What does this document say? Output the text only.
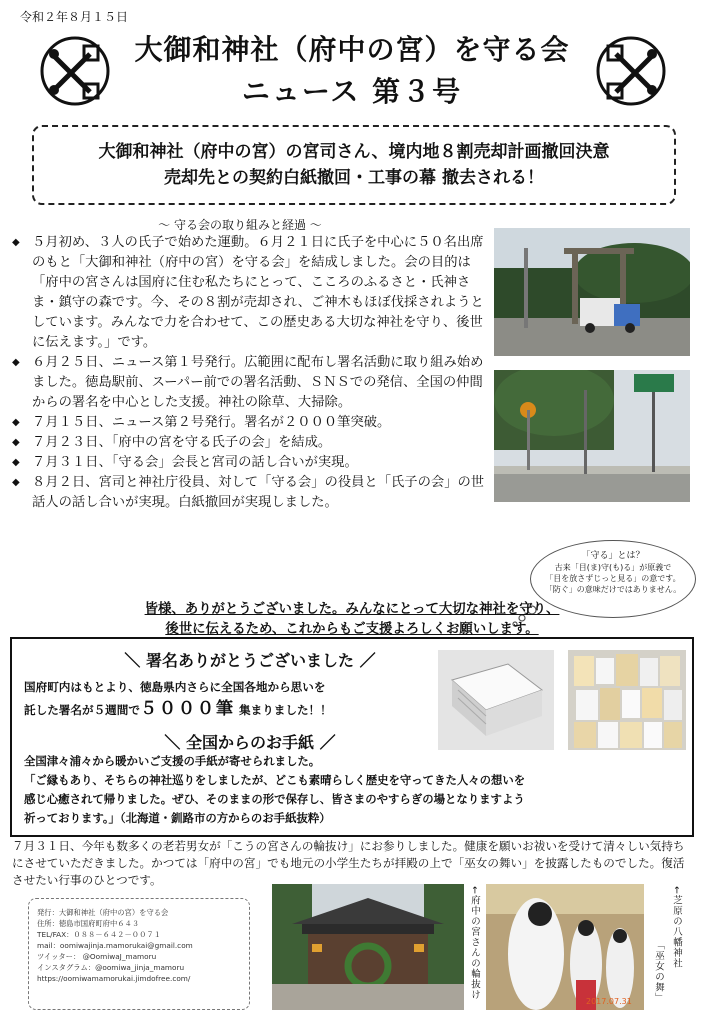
令和２年８月１５日
大御和神社（府中の宮）を守る会
ニュース 第３号
大御和神社（府中の宮）の宮司さん、境内地８割売却計画撤回決意
売却先との契約白紙撤回・工事の幕 撤去される！
～ 守る会の取り組みと経過 ～
◆ ５月初め、３人の氏子で始めた運動。６月２１日に氏子を中心に５０名出席のもと「大御和神社（府中の宮）を守る会」を結成しました。会の目的は「府中の宮さんは国府に住む私たちにとって、こころのふるさと・氏神さま・鎮守の森です。今、その８割が売却され、ご神木もほぼ伐採されようとしています。みんなで力を合わせて、この歴史ある大切な神社を守り、後世に伝えます。」です。
◆ ６月２５日、ニュース第１号発行。広範囲に配布し署名活動に取り組み始めました。徳島駅前、スーパー前での署名活動、ＳＮＳでの発信、全国の仲間からの署名を中心とした支援。神社の除草、大掃除。
◆ ７月１５日、ニュース第２号発行。署名が２０００筆突破。
◆ ７月２３日、「府中の宮を守る氏子の会」を結成。
◆ ７月３１日、「守る会」会長と宮司の話し合いが実現。
◆ ８月２日、宮司と神社庁役員、対して「守る会」の役員と「氏子の会」の世話人の話し合いが実現。白紙撤回が実現しました。
「守る」とは？
古来「目(ま)守(も)る」が原義で
「目を放さずじっと見る」の意です。
「防ぐ」の意味だけではありません。
皆様、ありがとうございました。みんなにとって大切な神社を守り、
後世に伝えるため、これからもご支援よろしくお願いします。
＼ 署名ありがとうございました ／
国府町内はもとより、徳島県内さらに全国各地から思いを
託した署名が５週間で５０００筆 集まりました！！
＼ 全国からのお手紙 ／
全国津々浦々から暖かいご支援の手紙が寄せられました。
「ご縁もあり、そちらの神社巡りをしましたが、どこも素晴らしく歴史を守ってきた人々の想いを
感じ心癒されて帰りました。ぜひ、そのままの形で保存し、皆さまのやすらぎの場となりますよう
祈っております。」（北海道・釧路市の方からのお手紙抜粋）
７月３１日、今年も数多くの老若男女が「こうの宮さんの輪抜け」にお参りしました。健康を願いお祓いを受けて清々しい気持ちにさせていただきました。かつては「府中の宮」でも地元の小学生たちが拝殿の上で「巫女の舞い」を披露したものでした。復活させたい行事のひとつです。
発行：大御和神社（府中の宮）を守る会
住所：徳島市国府町府中６４３
TEL/FAX：０８８－６４２－００７１
mail：oomiwajinja.mamorukai@gmail.com
ツイッター： @OomiwaJ_mamoru
インスタグラム：@oomiwa_jinja_mamoru
https://oomiwamamorukai.jimdofree.com/	←府中の宮さんの輪抜け
2017.07.31
←芝原の八幡神社
「巫女の舞」
